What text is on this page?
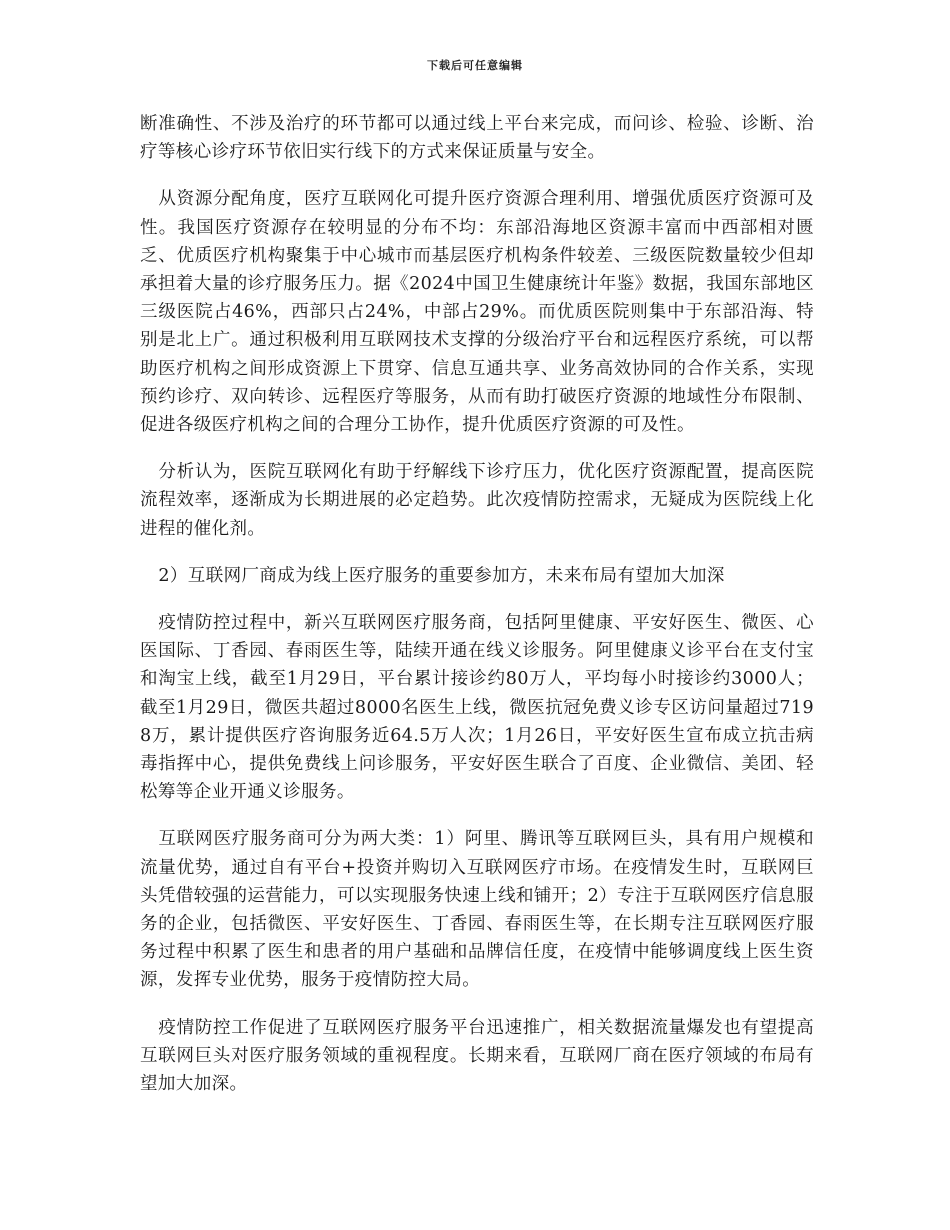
下载后可任意编辑

断准确性、不涉及治疗的环节都可以通过线上平台来完成，而问诊、检验、诊断、治疗等核心诊疗环节依旧实行线下的方式来保证质量与安全。

从资源分配角度，医疗互联网化可提升医疗资源合理利用、增强优质医疗资源可及性。我国医疗资源存在较明显的分布不均：东部沿海地区资源丰富而中西部相对匮乏、优质医疗机构聚集于中心城市而基层医疗机构条件较差、三级医院数量较少但却承担着大量的诊疗服务压力。据《2024中国卫生健康统计年鉴》数据，我国东部地区三级医院占46%，西部只占24%，中部占29%。而优质医院则集中于东部沿海、特别是北上广。通过积极利用互联网技术支撑的分级治疗平台和远程医疗系统，可以帮助医疗机构之间形成资源上下贯穿、信息互通共享、业务高效协同的合作关系，实现预约诊疗、双向转诊、远程医疗等服务，从而有助打破医疗资源的地域性分布限制、促进各级医疗机构之间的合理分工协作，提升优质医疗资源的可及性。

分析认为，医院互联网化有助于纾解线下诊疗压力，优化医疗资源配置，提高医院流程效率，逐渐成为长期进展的必定趋势。此次疫情防控需求，无疑成为医院线上化进程的催化剂。

2）互联网厂商成为线上医疗服务的重要参加方，未来布局有望加大加深

疫情防控过程中，新兴互联网医疗服务商，包括阿里健康、平安好医生、微医、心医国际、丁香园、春雨医生等，陆续开通在线义诊服务。阿里健康义诊平台在支付宝和淘宝上线，截至1月29日，平台累计接诊约80万人，平均每小时接诊约3000人；截至1月29日，微医共超过8000名医生上线，微医抗冠免费义诊专区访问量超过7198万，累计提供医疗咨询服务近64.5万人次；1月26日，平安好医生宣布成立抗击病毒指挥中心，提供免费线上问诊服务，平安好医生联合了百度、企业微信、美团、轻松筹等企业开通义诊服务。

互联网医疗服务商可分为两大类：1）阿里、腾讯等互联网巨头，具有用户规模和流量优势，通过自有平台+投资并购切入互联网医疗市场。在疫情发生时，互联网巨头凭借较强的运营能力，可以实现服务快速上线和铺开；2）专注于互联网医疗信息服务的企业，包括微医、平安好医生、丁香园、春雨医生等，在长期专注互联网医疗服务过程中积累了医生和患者的用户基础和品牌信任度，在疫情中能够调度线上医生资源，发挥专业优势，服务于疫情防控大局。

疫情防控工作促进了互联网医疗服务平台迅速推广，相关数据流量爆发也有望提高互联网巨头对医疗服务领域的重视程度。长期来看，互联网厂商在医疗领域的布局有望加大加深。
